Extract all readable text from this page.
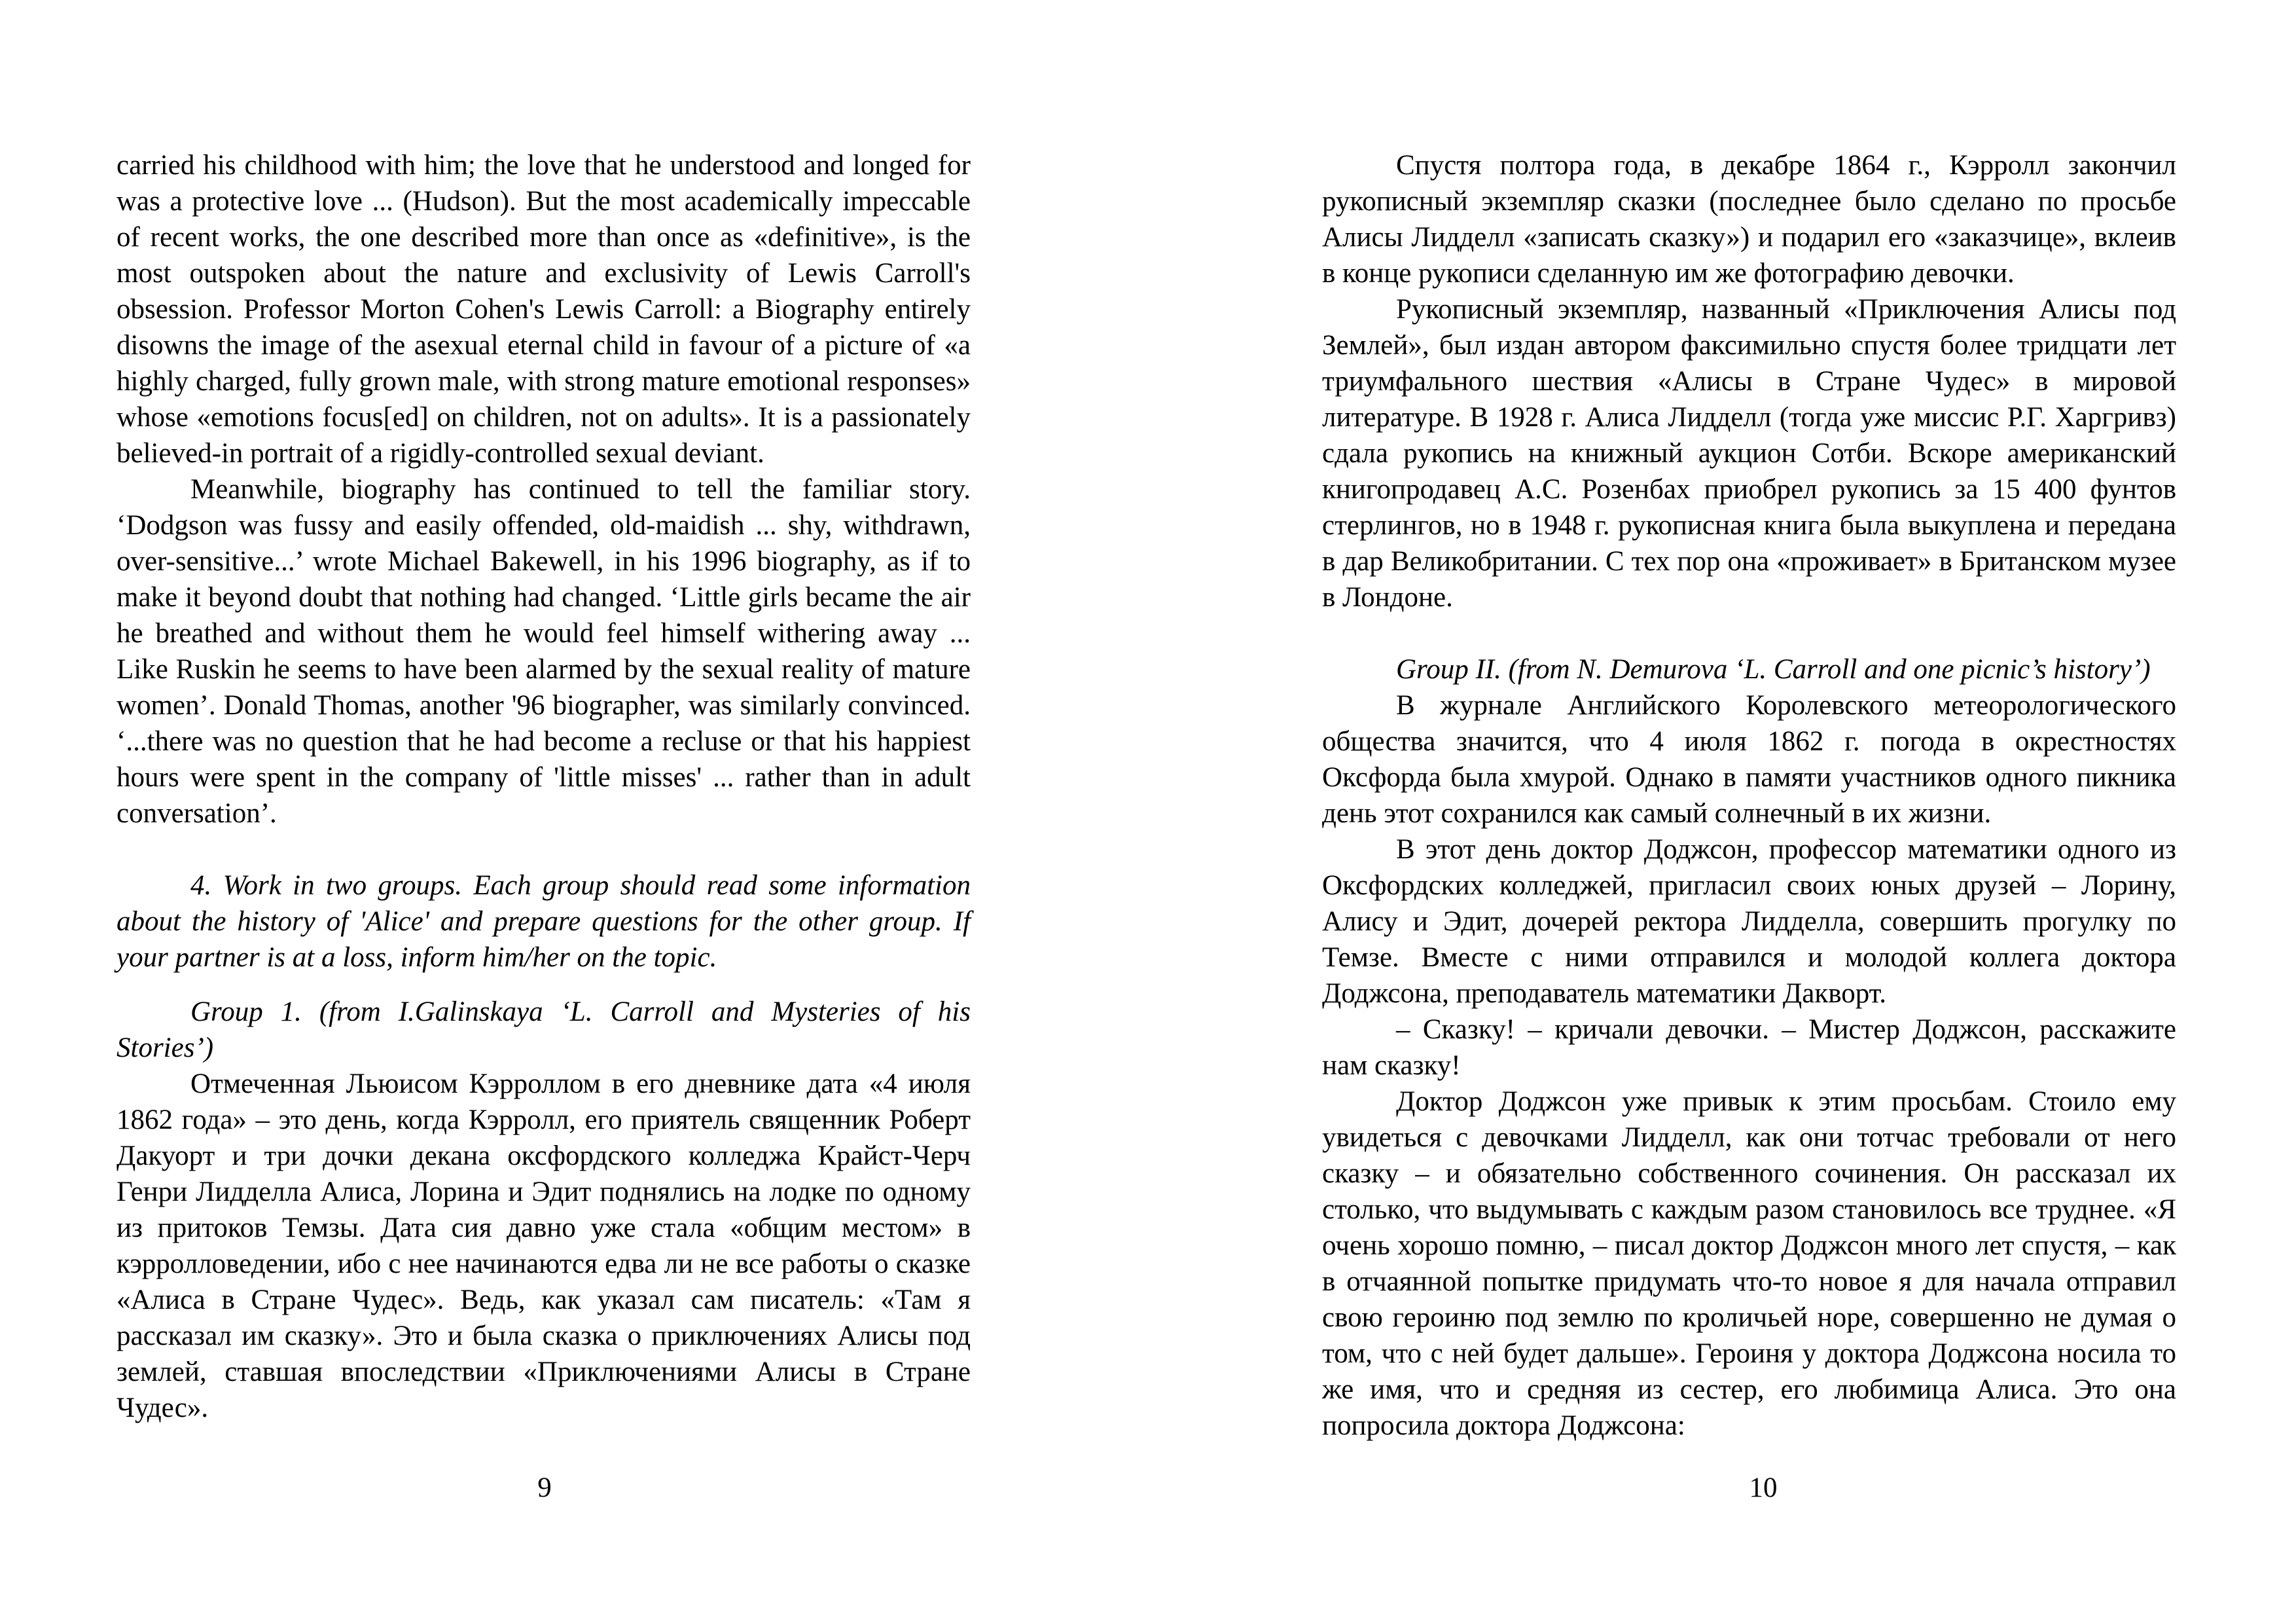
carried his childhood with him; the love that he understood and longed for was a protective love ... (Hudson). But the most academically impeccable of recent works, the one described more than once as «definitive», is the most outspoken about the nature and exclusivity of Lewis Carroll's obsession. Professor Morton Cohen's Lewis Carroll: a Biography entirely disowns the image of the asexual eternal child in favour of a picture of «a highly charged, fully grown male, with strong mature emotional responses» whose «emotions focus[ed] on children, not on adults». It is a passionately believed-in portrait of a rigidly-controlled sexual deviant.

Meanwhile, biography has continued to tell the familiar story. ‘Dodgson was fussy and easily offended, old-maidish ... shy, withdrawn, over-sensitive...’ wrote Michael Bakewell, in his 1996 biography, as if to make it beyond doubt that nothing had changed. ‘Little girls became the air he breathed and without them he would feel himself withering away ... Like Ruskin he seems to have been alarmed by the sexual reality of mature women’. Donald Thomas, another '96 biographer, was similarly convinced. ‘...there was no question that he had become a recluse or that his happiest hours were spent in the company of 'little misses' ... rather than in adult conversation’.

4. Work in two groups. Each group should read some information about the history of 'Alice' and prepare questions for the other group. If your partner is at a loss, inform him/her on the topic.

Group 1. (from I.Galinskaya ‘L. Carroll and Mysteries of his Stories’)

Отмеченная Льюисом Кэрроллом в его дневнике дата «4 июля 1862 года» – это день, когда Кэрролл, его приятель священник Роберт Дакуорт и три дочки декана оксфордского колледжа Крайст-Черч Генри Лидделла Алиса, Лорина и Эдит поднялись на лодке по одному из притоков Темзы. Дата сия давно уже стала «общим местом» в кэрролловедении, ибо с нее начинаются едва ли не все работы о сказке «Алиса в Стране Чудес». Ведь, как указал сам писатель: «Там я рассказал им сказку». Это и была сказка о приключениях Алисы под землей, ставшая впоследствии «Приключениями Алисы в Стране Чудес».

9

Спустя полтора года, в декабре 1864 г., Кэрролл закончил рукописный экземпляр сказки (последнее было сделано по просьбе Алисы Лидделл «записать сказку») и подарил его «заказчице», вклеив в конце рукописи сделанную им же фотографию девочки.

Рукописный экземпляр, названный «Приключения Алисы под Землей», был издан автором факсимильно спустя более тридцати лет триумфального шествия «Алисы в Стране Чудес» в мировой литературе. В 1928 г. Алиса Лидделл (тогда уже миссис Р.Г. Харгривз) сдала рукопись на книжный аукцион Сотби. Вскоре американский книгопродавец А.С. Розенбах приобрел рукопись за 15 400 фунтов стерлингов, но в 1948 г. рукописная книга была выкуплена и передана в дар Великобритании. С тех пор она «проживает» в Британском музее в Лондоне.

Group II. (from N. Demurova ‘L. Carroll and one picnic’s history’)

В журнале Английского Королевского метеорологического общества значится, что 4 июля 1862 г. погода в окрестностях Оксфорда была хмурой. Однако в памяти участников одного пикника день этот сохранился как самый солнечный в их жизни.

В этот день доктор Доджсон, профессор математики одного из Оксфордских колледжей, пригласил своих юных друзей – Лорину, Алису и Эдит, дочерей ректора Лидделла, совершить прогулку по Темзе. Вместе с ними отправился и молодой коллега доктора Доджсона, преподаватель математики Дакворт.

– Сказку! – кричали девочки. – Мистер Доджсон, расскажите нам сказку!

Доктор Доджсон уже привык к этим просьбам. Стоило ему увидеться с девочками Лидделл, как они тотчас требовали от него сказку – и обязательно собственного сочинения. Он рассказал их столько, что выдумывать с каждым разом становилось все труднее. «Я очень хорошо помню, – писал доктор Доджсон много лет спустя, – как в отчаянной попытке придумать что-то новое я для начала отправил свою героиню под землю по кроличьей норе, совершенно не думая о том, что с ней будет дальше». Героиня у доктора Доджсона носила то же имя, что и средняя из сестер, его любимица Алиса. Это она попросила доктора Доджсона:

10
